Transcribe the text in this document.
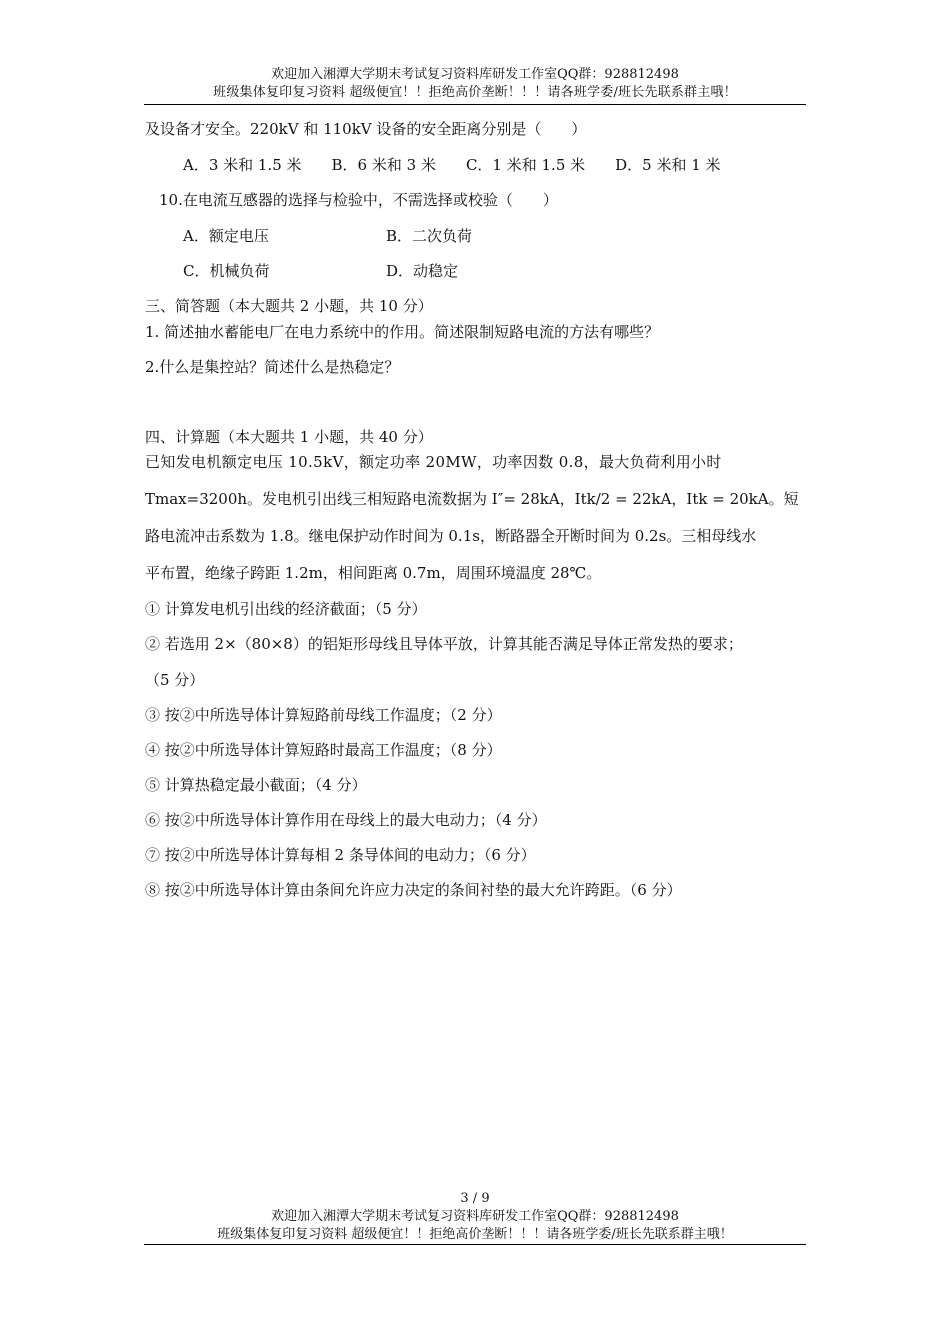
欢迎加入湘潭大学期末考试复习资料库研发工作室QQ群：928812498
班级集体复印复习资料 超级便宜！！拒绝高价垄断！！！请各班学委/班长先联系群主哦！
及设备才安全。220kV 和 110kV 设备的安全距离分别是（　　）
A．3 米和 1.5 米　　B．6 米和 3 米　　C．1 米和 1.5 米　　D．5 米和 1 米
10.在电流互感器的选择与检验中，不需选择或校验（　　）
A．额定电压	B．二次负荷
C．机械负荷	D．动稳定
三、简答题（本大题共 2 小题，共 10 分）
1. 简述抽水蓄能电厂在电力系统中的作用。简述限制短路电流的方法有哪些？
2.什么是集控站？简述什么是热稳定？
四、计算题（本大题共 1 小题，共 40 分）
已知发电机额定电压 10.5kV，额定功率 20MW，功率因数 0.8，最大负荷利用小时
Tmax=3200h。发电机引出线三相短路电流数据为 I″= 28kA，Itk/2 = 22kA，Itk = 20kA。短
路电流冲击系数为 1.8。继电保护动作时间为 0.1s，断路器全开断时间为 0.2s。三相母线水
平布置，绝缘子跨距 1.2m，相间距离 0.7m，周围环境温度 28℃。
① 计算发电机引出线的经济截面；（5 分）
② 若选用 2×（80×8）的铝矩形母线且导体平放，计算其能否满足导体正常发热的要求；
（5 分）
③ 按②中所选导体计算短路前母线工作温度；（2 分）
④ 按②中所选导体计算短路时最高工作温度；（8 分）
⑤ 计算热稳定最小截面；（4 分）
⑥ 按②中所选导体计算作用在母线上的最大电动力；（4 分）
⑦ 按②中所选导体计算每相 2 条导体间的电动力；（6 分）
⑧ 按②中所选导体计算由条间允许应力决定的条间衬垫的最大允许跨距。（6 分）
3 / 9
欢迎加入湘潭大学期末考试复习资料库研发工作室QQ群：928812498
班级集体复印复习资料 超级便宜！！拒绝高价垄断！！！请各班学委/班长先联系群主哦！
